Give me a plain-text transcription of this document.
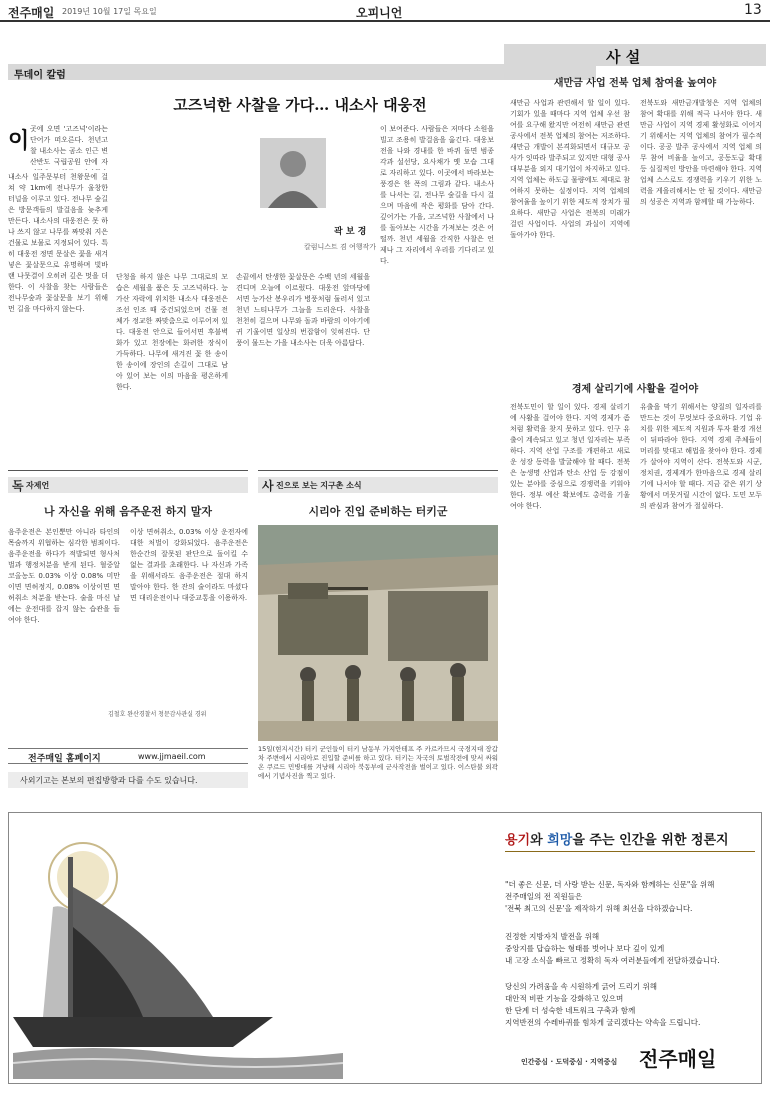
전주매일 2019년 10월 17일 목요일	오피니언	13
투데이 칼럼
고즈넉한 사찰을 가다… 내소사 대웅전
이 곳에 오면 '고즈넉'이라는 단어가 떠오른다. 천년고찰 내소사는 곰소 인근 변산반도 국립공원 안에 자

내소사 일주문부터 천왕문에 걸쳐 약 1km에 전나무가 울창한 터널을 이루고 있다. 전나무 숲길은 방문객들의 발걸음을 늦추게 만든다. 내소사의 대웅전은 못 하나 쓰지 않고 나무를 짜맞춰 지은 건물로 보물로 지정되어 있다. 특히 대웅전 정면 문살은 꽃을 새겨 넣은 꽃살문으로 유명하며 빛바랜 나뭇결이 오히려 깊은 멋을 더한다. 이 사찰을 찾는 사람들은 전나무숲과 꽃살문을 보기 위해 먼 길을 마다하지 않는다.

곽 보 경
칼럼니스트 겸 여행작가

단청을 하지 않은 나무 그대로의 모습은 세월을 품은 듯 고즈넉하다. 능가산 자락에 위치한 내소사 대웅전은 조선 인조 때 중건되었으며 건물 전체가 정교한 짜맞춤으로 이루어져 있다. 대웅전 안으로 들어서면 후불벽화가 있고 천장에는 화려한 장식이 가득하다. 나무에 새겨진 꽃 한 송이 한 송이에 장인의 손길이 그대로 남아 있어 보는 이의 마음을 평온하게 한다.

손끝에서 탄생한 꽃살문은 수백 년의 세월을 견디며 오늘에 이르렀다. 대웅전 앞마당에 서면 능가산 봉우리가 병풍처럼 둘러서 있고 천년 느티나무가 그늘을 드리운다. 사찰을 천천히 걸으며 나무와 돌과 바람의 이야기에 귀 기울이면 일상의 번잡함이 잊혀진다. 단풍이 물드는 가을 내소사는 더욱 아름답다.

이 보여준다. 사람들은 저마다 소원을 빌고 조용히 발걸음을 옮긴다. 대웅보전을 나와 경내를 한 바퀴 돌면 범종각과 설선당, 요사채가 옛 모습 그대로 자리하고 있다. 이곳에서 바라보는 풍경은 한 폭의 그림과 같다. 내소사를 나서는 길, 전나무 숲길을 다시 걸으며 마음에 작은 평화를 담아 간다. 깊어가는 가을, 고즈넉한 사찰에서 나를 돌아보는 시간을 가져보는 것은 어떨까. 천년 세월을 간직한 사찰은 언제나 그 자리에서 우리를 기다리고 있다.

사 설
새만금 사업 전북 업체 참여율 높여야

새만금 사업과 관련해서 할 일이 있다. 기회가 있을 때마다 지역 업체 우선 참여를 요구해 왔지만 여전히 새만금 관련 공사에서 전북 업체의 참여는 저조하다. 새만금 개발이 본격화되면서 대규모 공사가 잇따라 발주되고 있지만 대형 공사 대부분을 외지 대기업이 차지하고 있다. 지역 업체는 하도급 물량에도 제대로 참여하지 못하는 실정이다. 지역 업체의 참여율을 높이기 위한 제도적 장치가 필요하다. 새만금 사업은 전북의 미래가 걸린 사업이다. 사업의 과실이 지역에 돌아가야 한다.

전북도와 새만금개발청은 지역 업체의 참여 확대를 위해 적극 나서야 한다. 새만금 사업이 지역 경제 활성화로 이어지기 위해서는 지역 업체의 참여가 필수적이다. 공공 발주 공사에서 지역 업체 의무 참여 비율을 높이고, 공동도급 확대 등 실질적인 방안을 마련해야 한다. 지역 업체 스스로도 경쟁력을 키우기 위한 노력을 게을리해서는 안 될 것이다. 새만금의 성공은 지역과 함께할 때 가능하다.

경제 살리기에 사활을 걸어야

전북도민이 할 일이 있다. 경제 살리기에 사활을 걸어야 한다. 지역 경제가 좀처럼 활력을 찾지 못하고 있다. 인구 유출이 계속되고 있고 청년 일자리는 부족하다. 지역 산업 구조를 개편하고 새로운 성장 동력을 발굴해야 할 때다. 전북은 농생명 산업과 탄소 산업 등 강점이 있는 분야를 중심으로 경쟁력을 키워야 한다. 정부 예산 확보에도 총력을 기울여야 한다.

유출을 막기 위해서는 양질의 일자리를 만드는 것이 무엇보다 중요하다. 기업 유치를 위한 제도적 지원과 투자 환경 개선이 뒤따라야 한다. 지역 경제 주체들이 머리를 맞대고 해법을 찾아야 한다. 경제가 살아야 지역이 산다. 전북도와 시군, 정치권, 경제계가 한마음으로 경제 살리기에 나서야 할 때다. 지금 같은 위기 상황에서 머뭇거릴 시간이 없다. 도민 모두의 관심과 참여가 절실하다.

독 자제언
나 자신을 위해 음주운전 하지 말자

음주운전은 본인뿐만 아니라 타인의 목숨까지 위협하는 심각한 범죄이다. 음주운전을 하다가 적발되면 형사처벌과 행정처분을 받게 된다. 혈중알코올농도 0.03% 이상 0.08% 미만이면 면허정지, 0.08% 이상이면 면허취소 처분을 받는다. 술을 마신 날에는 운전대를 잡지 않는 습관을 들여야 한다.

이상 면허취소, 0.03% 이상 운전자에 대한 처벌이 강화되었다. 음주운전은 한순간의 잘못된 판단으로 돌이킬 수 없는 결과를 초래한다. 나 자신과 가족을 위해서라도 음주운전은 절대 하지 말아야 한다. 한 잔의 술이라도 마셨다면 대리운전이나 대중교통을 이용하자.

김철호 완산경찰서 청문감사관실 경위
전주매일 홈페이지	www.jjmaeil.com
사외기고는 본보의 편집방향과 다를 수도 있습니다.
사 진으로 보는 지구촌 소식
시리아 진입 준비하는 터키군

15일(현지시간) 터키 군인들이 터키 남동부 가지안테프 주 카르카므시 국경지대 장갑차 주변에서 시리아로 진입할 준비를 하고 있다. 터키는 자국의 토벌작전에 맞서 싸워 온 쿠르드 민병대를 겨냥해 시리아 북동부에 군사작전을 벌이고 있다. 이스탄불 외곽에서 기념사진을 찍고 있다.

용기와 희망을 주는 인간을 위한 정론지

"더 좋은 신문, 더 사랑 받는 신문, 독자와 함께하는 신문"을 위해
전주매일의 전 직원들은
'전북 최고의 신문'을 제작하기 위해 최선을 다하겠습니다.

진정한 지방자치 발전을 위해
중앙지를 답습하는 형태를 벗어나 보다 깊이 있게
내 고장 소식을 빠르고 정확히 독자 여러분들에게 전달하겠습니다.

당신의 가려움을 속 시원하게 긁어 드리기 위해
대안적 비판 기능을 강화하고 있으며
한 단계 더 성숙한 네트워크 구축과 함께
지역반전의 수레바퀴를 힘차게 굴리겠다는 약속을 드립니다.

인간중심 · 도덕중심 · 지역중심 전주매일
